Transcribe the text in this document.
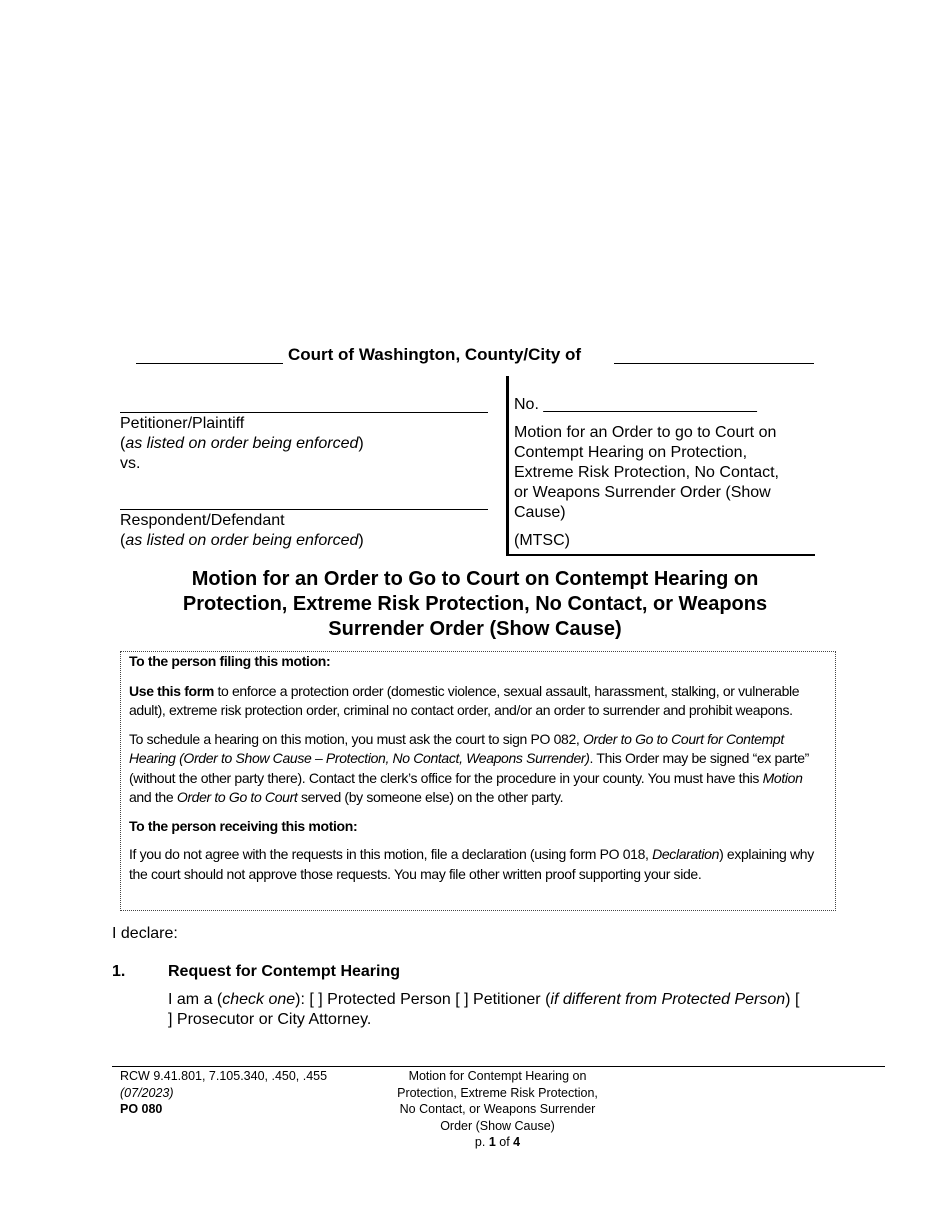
Court of Washington, County/City of
Petitioner/Plaintiff
(as listed on order being enforced)
vs.
Respondent/Defendant
(as listed on order being enforced)
No. ________________________
Motion for an Order to go to Court on
Contempt Hearing on Protection,
Extreme Risk Protection, No Contact,
or Weapons Surrender Order (Show
Cause)
(MTSC)
Motion for an Order to Go to Court on Contempt Hearing on
Protection, Extreme Risk Protection, No Contact, or Weapons
Surrender Order (Show Cause)

To the person filing this motion:

Use this form to enforce a protection order (domestic violence, sexual assault, harassment, stalking, or vulnerable adult), extreme risk protection order, criminal no contact order, and/or an order to surrender and prohibit weapons.

To schedule a hearing on this motion, you must ask the court to sign PO 082, Order to Go to Court for Contempt Hearing (Order to Show Cause – Protection, No Contact, Weapons Surrender). This Order may be signed “ex parte” (without the other party there). Contact the clerk’s office for the procedure in your county. You must have this Motion and the Order to Go to Court served (by someone else) on the other party.

To the person receiving this motion:

If you do not agree with the requests in this motion, file a declaration (using form PO 018, Declaration) explaining why the court should not approve those requests. You may file other written proof supporting your side.

I declare:
1.	Request for Contempt Hearing
I am a (check one): [ ] Protected Person [ ] Petitioner (if different from Protected Person) [ ] Prosecutor or City Attorney.
RCW 9.41.801, 7.105.340, .450, .455
(07/2023)
PO 080
Motion for Contempt Hearing on
Protection, Extreme Risk Protection,
No Contact, or Weapons Surrender
Order (Show Cause)
p. 1 of 4
